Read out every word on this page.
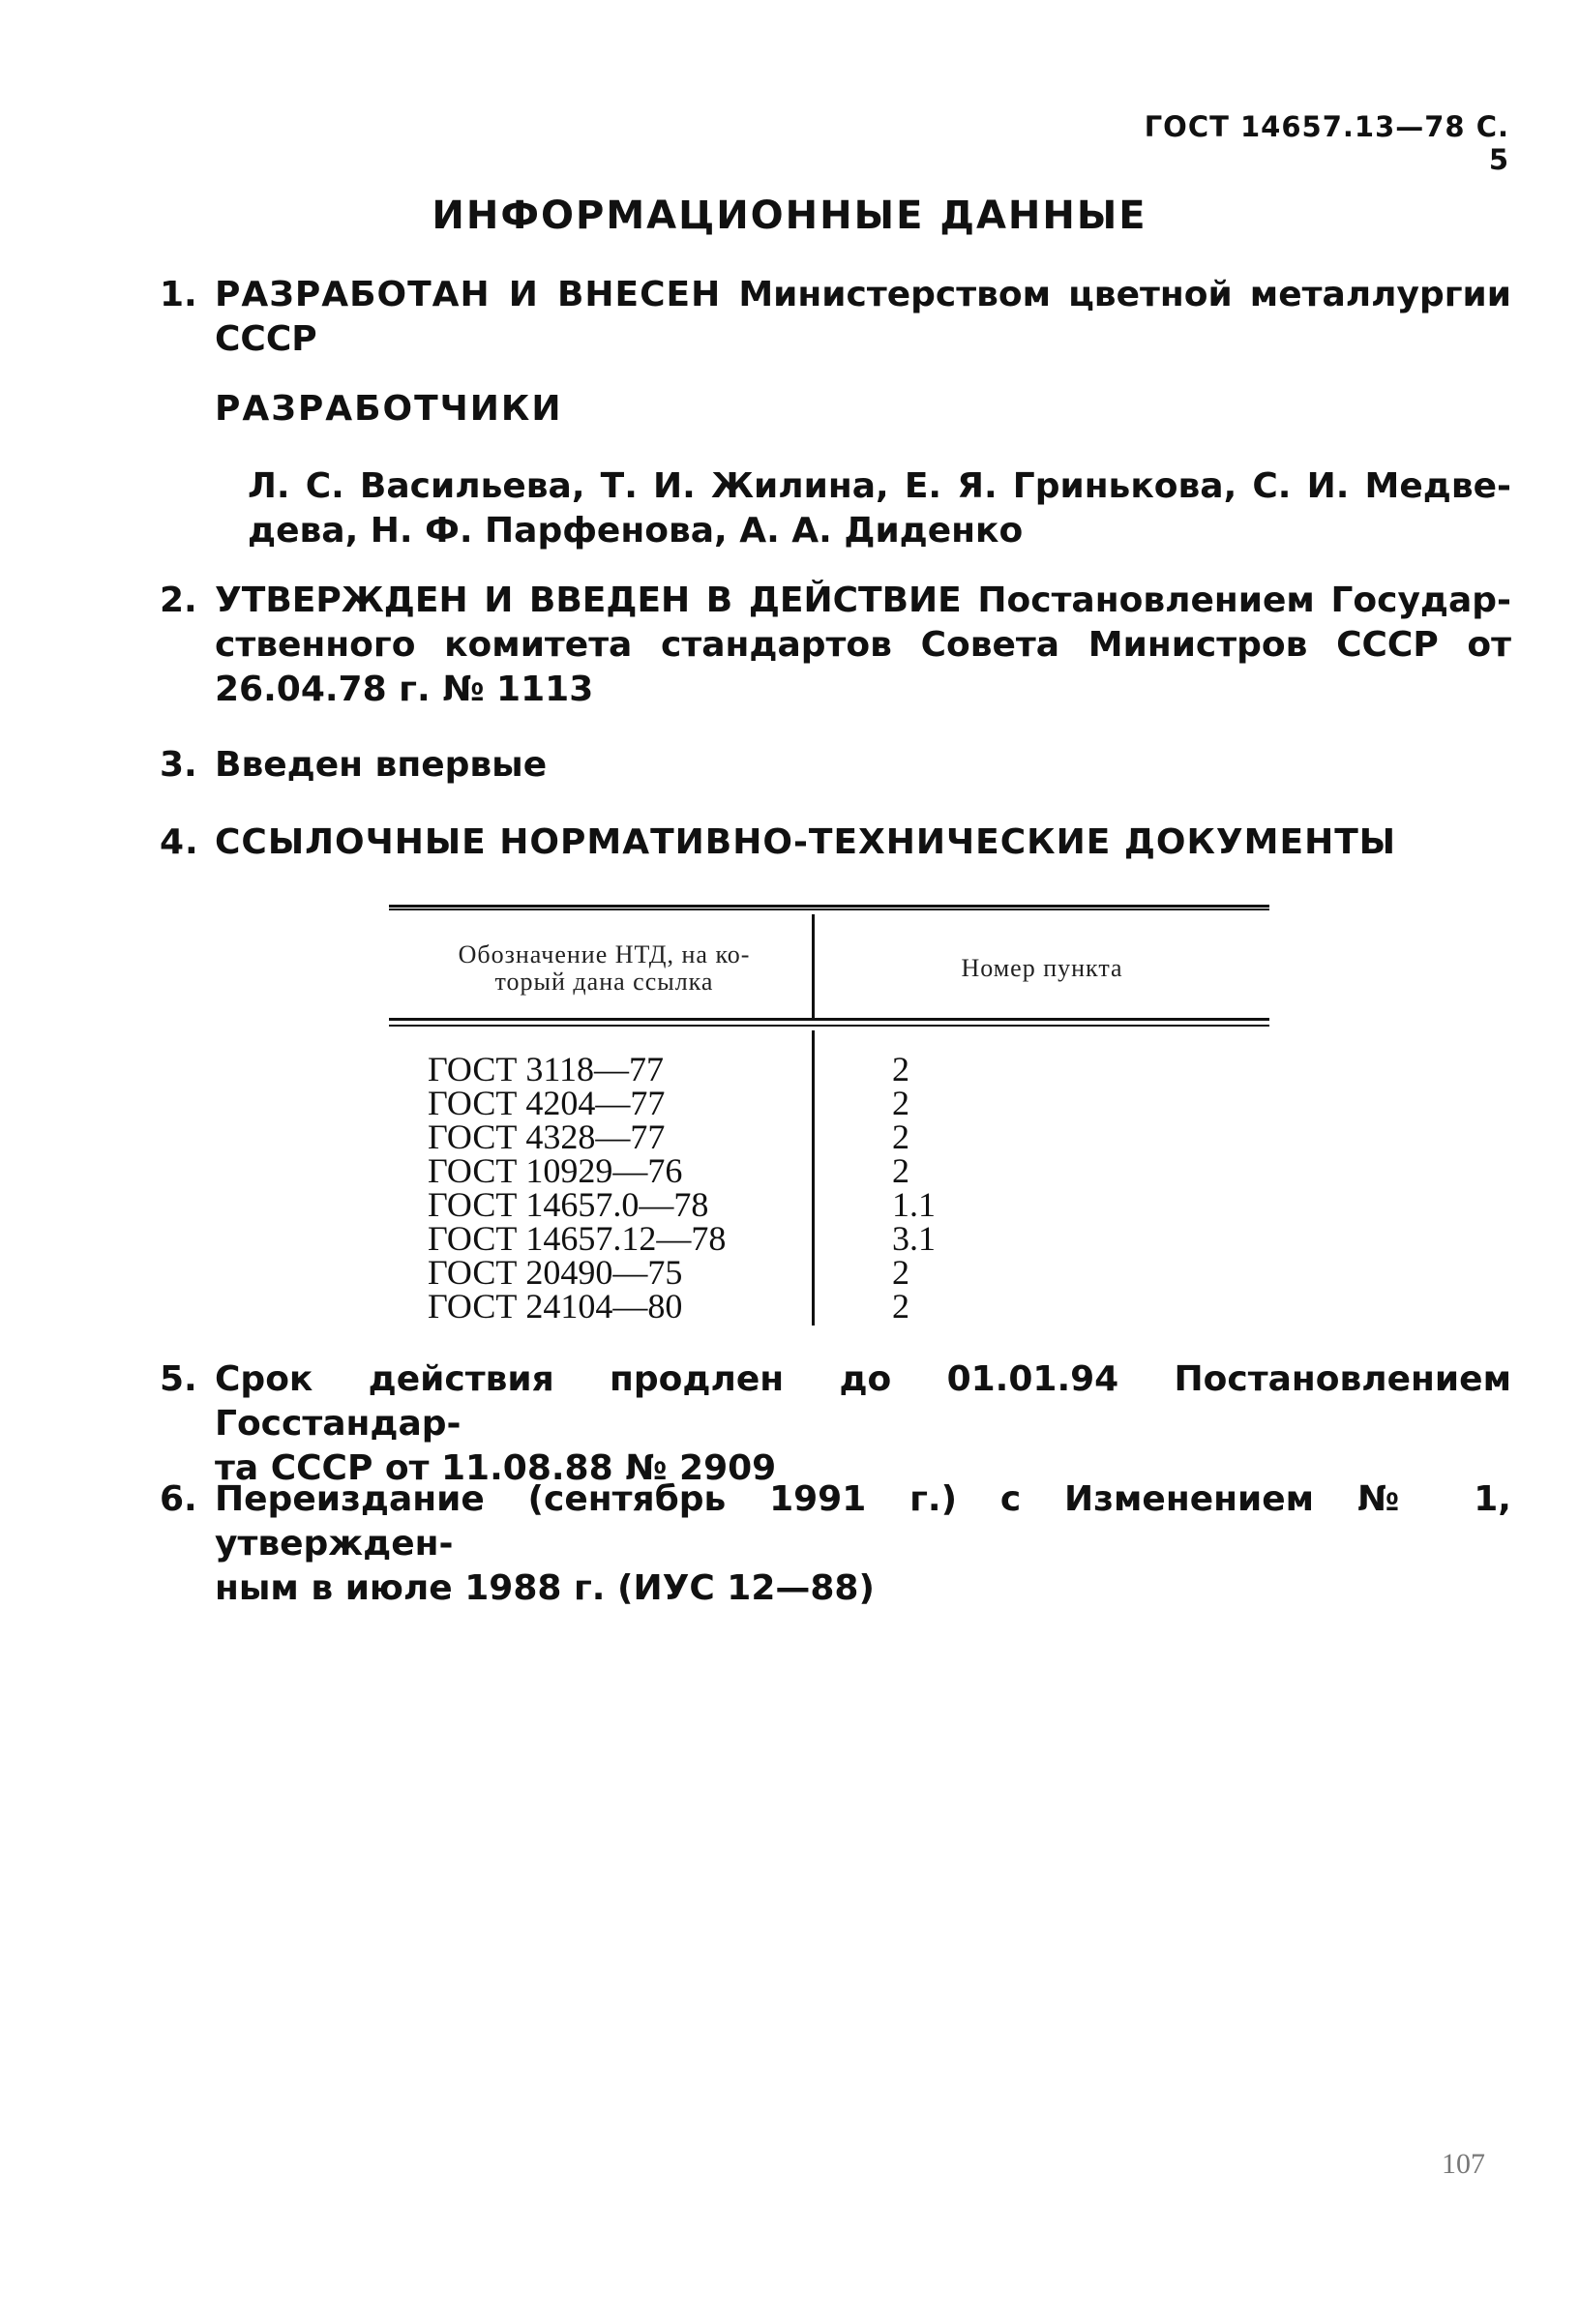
ГОСТ 14657.13—78 С. 5
ИНФОРМАЦИОННЫЕ ДАННЫЕ
1. РАЗРАБОТАН И ВНЕСЕН Министерством цветной металлургии
СССР
РАЗРАБОТЧИКИ
Л. С. Васильева, Т. И. Жилина, Е. Я. Гринькова, С. И. Медве-
дева, Н. Ф. Парфенова, А. А. Диденко
2. УТВЕРЖДЕН И ВВЕДЕН В ДЕЙСТВИЕ Постановлением Государ-
ственного комитета стандартов Совета Министров СССР от
26.04.78 г. № 1113
3. Введен впервые
4. ССЫЛОЧНЫЕ НОРМАТИВНО-ТЕХНИЧЕСКИЕ ДОКУМЕНТЫ
Обозначение НТД, на ко-
торый дана ссылка	Номер пункта
ГОСТ 3118—77	2
ГОСТ 4204—77	2
ГОСТ 4328—77	2
ГОСТ 10929—76	2
ГОСТ 14657.0—78	1.1
ГОСТ 14657.12—78	3.1
ГОСТ 20490—75	2
ГОСТ 24104—80	2
5. Срок действия продлен до 01.01.94 Постановлением Госстандар-
та СССР от 11.08.88 № 2909
6. Переиздание (сентябрь 1991 г.) с Изменением № 1, утвержден-
ным в июле 1988 г. (ИУС 12—88)
107
